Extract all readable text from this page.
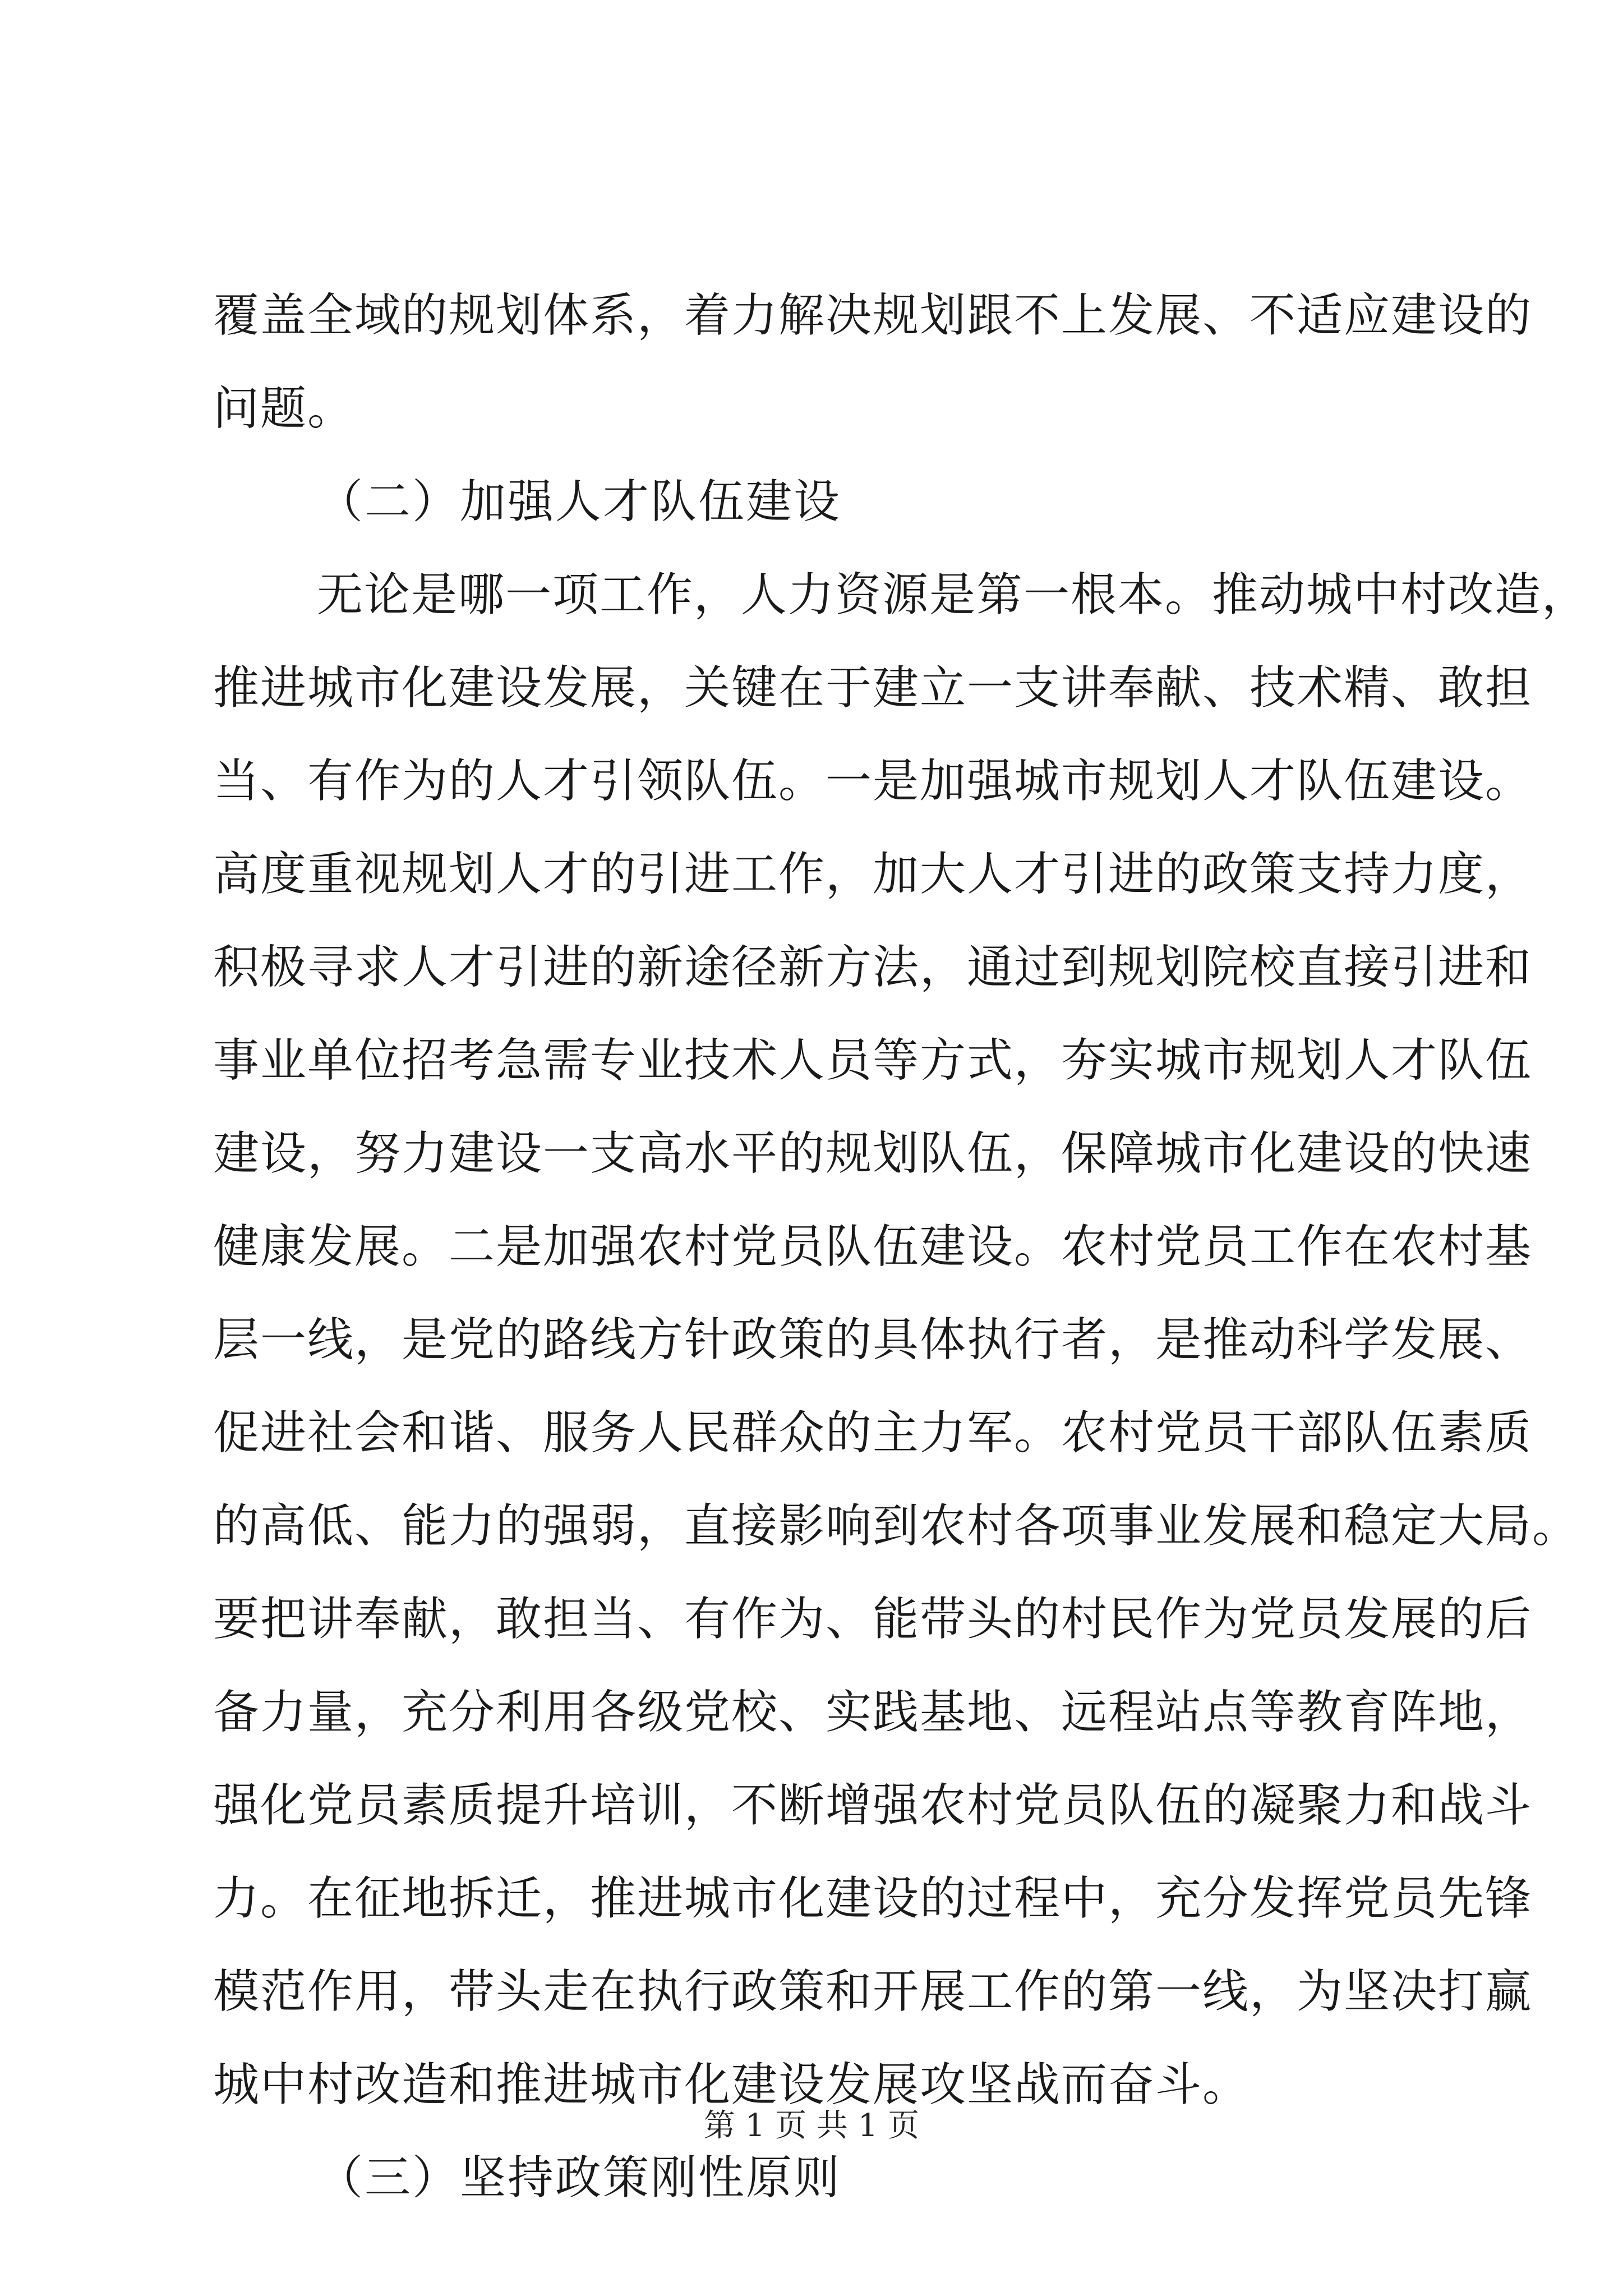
覆盖全域的规划体系，着力解决规划跟不上发展、不适应建设的
问题。
（二）加强人才队伍建设
无论是哪一项工作，人力资源是第一根本。推动城中村改造，
推进城市化建设发展，关键在于建立一支讲奉献、技术精、敢担
当、有作为的人才引领队伍。一是加强城市规划人才队伍建设。
高度重视规划人才的引进工作，加大人才引进的政策支持力度，
积极寻求人才引进的新途径新方法，通过到规划院校直接引进和
事业单位招考急需专业技术人员等方式，夯实城市规划人才队伍
建设，努力建设一支高水平的规划队伍，保障城市化建设的快速
健康发展。二是加强农村党员队伍建设。农村党员工作在农村基
层一线，是党的路线方针政策的具体执行者，是推动科学发展、
促进社会和谐、服务人民群众的主力军。农村党员干部队伍素质
的高低、能力的强弱，直接影响到农村各项事业发展和稳定大局。
要把讲奉献，敢担当、有作为、能带头的村民作为党员发展的后
备力量，充分利用各级党校、实践基地、远程站点等教育阵地，
强化党员素质提升培训，不断增强农村党员队伍的凝聚力和战斗
力。在征地拆迁，推进城市化建设的过程中，充分发挥党员先锋
模范作用，带头走在执行政策和开展工作的第一线，为坚决打赢
城中村改造和推进城市化建设发展攻坚战而奋斗。
（三）坚持政策刚性原则
第 1 页 共 1 页
